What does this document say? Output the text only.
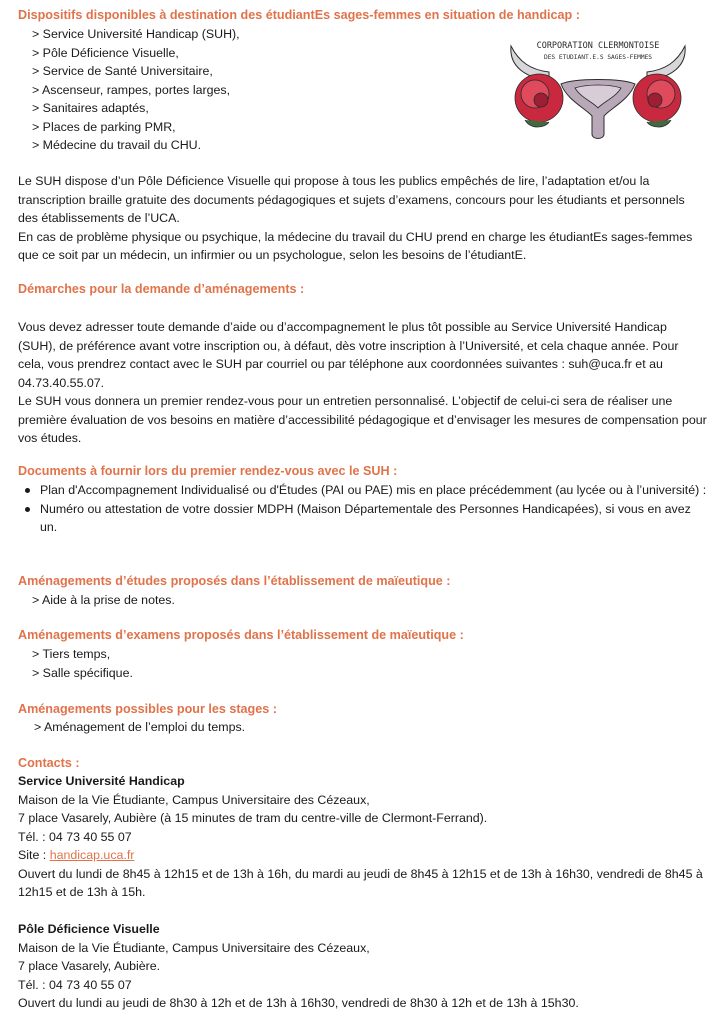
Dispositifs disponibles à destination des étudiantEs sages-femmes en situation de handicap :
> Service Université Handicap (SUH),
> Pôle Déficience Visuelle,
> Service de Santé Universitaire,
> Ascenseur, rampes, portes larges,
> Sanitaires adaptés,
> Places de parking PMR,
> Médecine du travail du CHU.
CORPORATION CLERMONTOISE
DES ETUDIANT.E.S SAGES-FEMMES

Le SUH dispose d’un Pôle Déficience Visuelle qui propose à tous les publics empêchés de lire, l’adaptation et/ou la transcription braille gratuite des documents pédagogiques et sujets d’examens, concours pour les étudiants et personnels des établissements de l’UCA.

En cas de problème physique ou psychique, la médecine du travail du CHU prend en charge les étudiantEs sages-femmes que ce soit par un médecin, un infirmier ou un psychologue, selon les besoins de l’étudiantE.

Démarches pour la demande d’aménagements :

Vous devez adresser toute demande d’aide ou d’accompagnement le plus tôt possible au Service Université Handicap (SUH), de préférence avant votre inscription ou, à défaut, dès votre inscription à l’Université, et cela chaque année. Pour cela, vous prendrez contact avec le SUH par courriel ou par téléphone aux coordonnées suivantes : suh@uca.fr et au 04.73.40.55.07.

Le SUH vous donnera un premier rendez-vous pour un entretien personnalisé. L’objectif de celui-ci sera de réaliser une première évaluation de vos besoins en matière d’accessibilité pédagogique et d’envisager les mesures de compensation pour vos études.

Documents à fournir lors du premier rendez-vous avec le SUH :
Plan d'Accompagnement Individualisé ou d'Études (PAI ou PAE) mis en place précédemment (au lycée ou à l’université) :
Numéro ou attestation de votre dossier MDPH (Maison Départementale des Personnes Handicapées), si vous en avez un.
Aménagements d’études proposés dans l’établissement de maïeutique :
> Aide à la prise de notes.
Aménagements d’examens proposés dans l’établissement de maïeutique :
> Tiers temps,
> Salle spécifique.
Aménagements possibles pour les stages :
> Aménagement de l’emploi du temps.
Contacts :

Service Université Handicap

Maison de la Vie Étudiante, Campus Universitaire des Cézeaux,

7 place Vasarely, Aubière (à 15 minutes de tram du centre-ville de Clermont-Ferrand).

Tél. : 04 73 40 55 07

Site : handicap.uca.fr

Ouvert du lundi de 8h45 à 12h15 et de 13h à 16h, du mardi au jeudi de 8h45 à 12h15 et de 13h à 16h30, vendredi de 8h45 à 12h15 et de 13h à 15h.

Pôle Déficience Visuelle

Maison de la Vie Étudiante, Campus Universitaire des Cézeaux,

7 place Vasarely, Aubière.

Tél. : 04 73 40 55 07

Ouvert du lundi au jeudi de 8h30 à 12h et de 13h à 16h30, vendredi de 8h30 à 12h et de 13h à 15h30.
